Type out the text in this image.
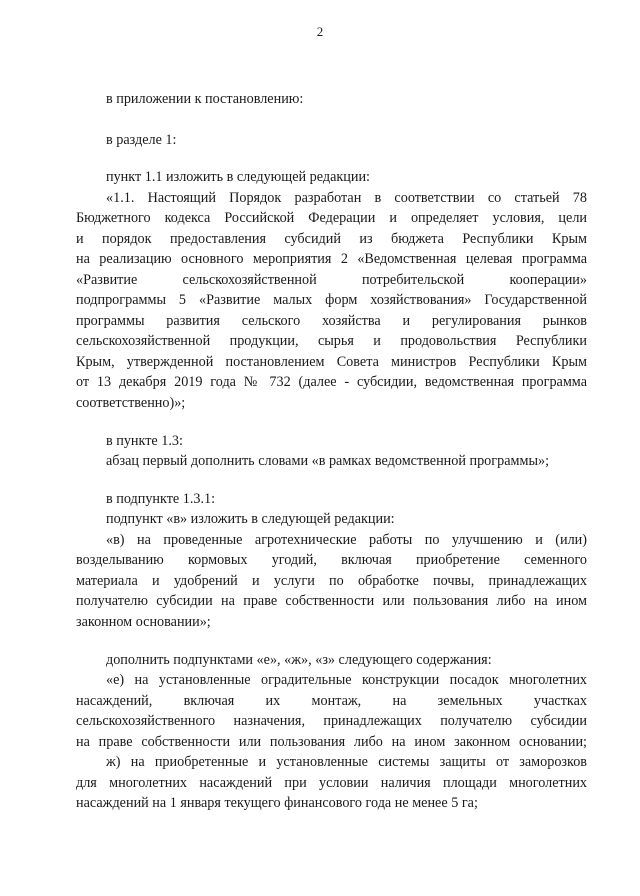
2
в приложении к постановлению:
в разделе 1:
пункт 1.1 изложить в следующей редакции:
«1.1. Настоящий Порядок разработан в соответствии со статьей 78
Бюджетного кодекса Российской Федерации и определяет условия, цели
и порядок предоставления субсидий из бюджета Республики Крым
на реализацию основного мероприятия 2 «Ведомственная целевая программа
«Развитие сельскохозяйственной потребительской кооперации»
подпрограммы 5 «Развитие малых форм хозяйствования» Государственной
программы развития сельского хозяйства и регулирования рынков
сельскохозяйственной продукции, сырья и продовольствия Республики
Крым, утвержденной постановлением Совета министров Республики Крым
от 13 декабря 2019 года № 732 (далее - субсидии, ведомственная программа
соответственно)»;
в пункте 1.3:
абзац первый дополнить словами «в рамках ведомственной программы»;
в подпункте 1.3.1:
подпункт «в» изложить в следующей редакции:
«в) на проведенные агротехнические работы по улучшению и (или)
возделыванию кормовых угодий, включая приобретение семенного
материала и удобрений и услуги по обработке почвы, принадлежащих
получателю субсидии на праве собственности или пользования либо на ином
законном основании»;
дополнить подпунктами «е», «ж», «з» следующего содержания:
«е) на установленные оградительные конструкции посадок многолетних
насаждений, включая их монтаж, на земельных участках
сельскохозяйственного назначения, принадлежащих получателю субсидии
на праве собственности или пользования либо на ином законном основании;
ж) на приобретенные и установленные системы защиты от заморозков
для многолетних насаждений при условии наличия площади многолетних
насаждений на 1 января текущего финансового года не менее 5 га;
